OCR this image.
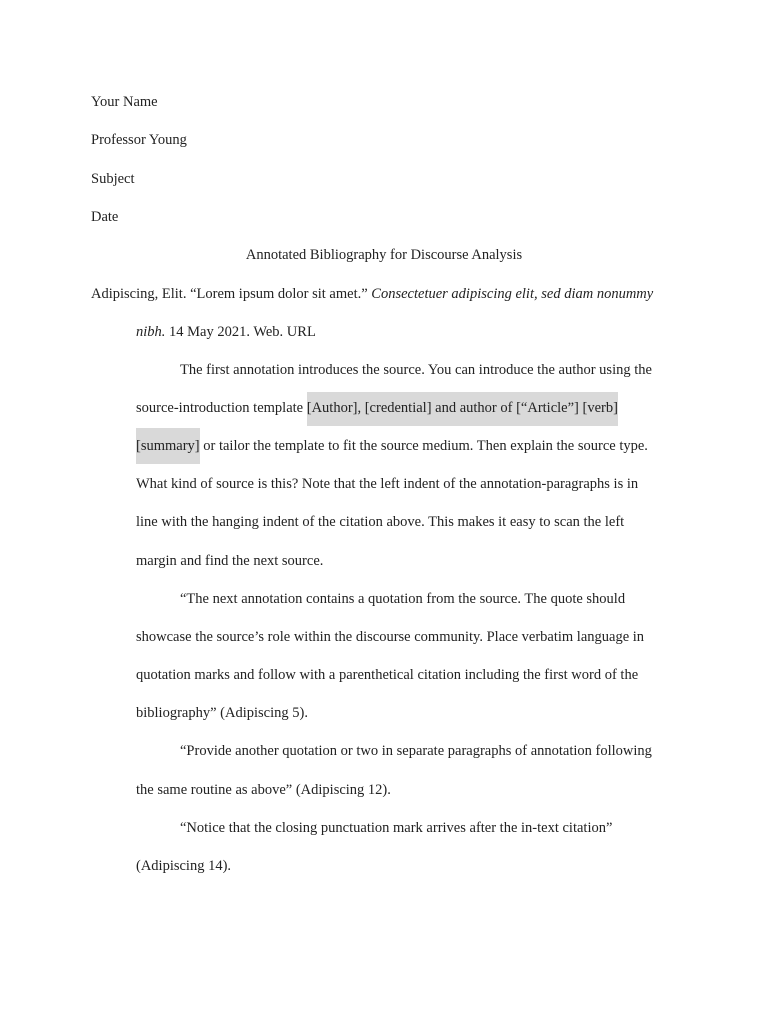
Your Name
Professor Young
Subject
Date
Annotated Bibliography for Discourse Analysis
Adipiscing, Elit. “Lorem ipsum dolor sit amet.” Consectetuer adipiscing elit, sed diam nonummy
nibh. 14 May 2021. Web. URL
The first annotation introduces the source. You can introduce the author using the
source-introduction template [Author], [credential] and author of [“Article”] [verb]
[summary] or tailor the template to fit the source medium. Then explain the source type.
What kind of source is this? Note that the left indent of the annotation-paragraphs is in
line with the hanging indent of the citation above. This makes it easy to scan the left
margin and find the next source.
“The next annotation contains a quotation from the source. The quote should
showcase the source’s role within the discourse community. Place verbatim language in
quotation marks and follow with a parenthetical citation including the first word of the
bibliography” (Adipiscing 5).
“Provide another quotation or two in separate paragraphs of annotation following
the same routine as above” (Adipiscing 12).
“Notice that the closing punctuation mark arrives after the in-text citation”
(Adipiscing 14).
